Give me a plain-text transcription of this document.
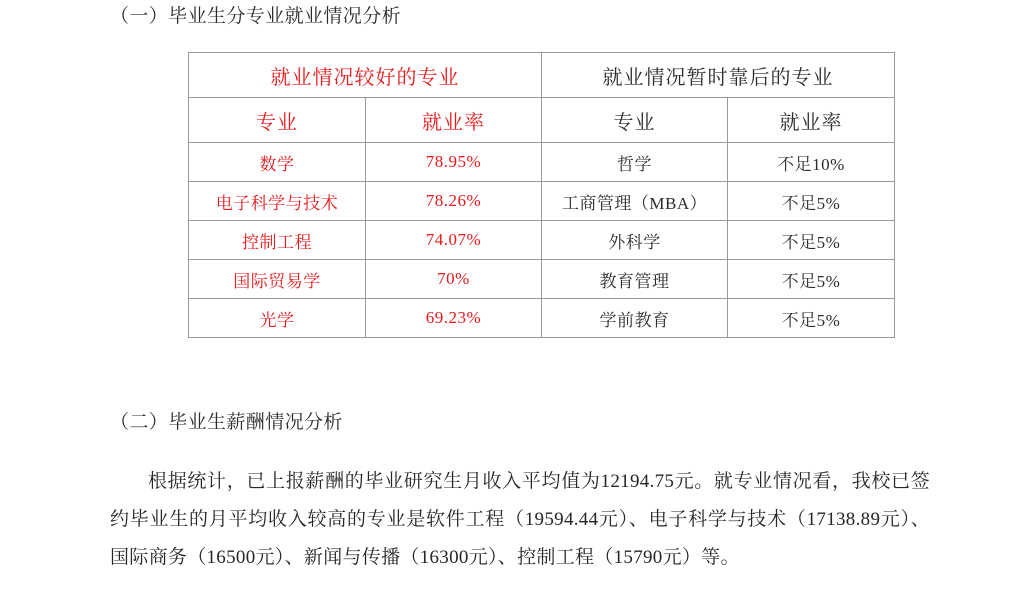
（一）毕业生分专业就业情况分析
就业情况较好的专业		就业情况暂时靠后的专业	
专业	就业率	专业	就业率
数学	78.95%	哲学	不足10%
电子科学与技术	78.26%	工商管理（MBA）	不足5%
控制工程	74.07%	外科学	不足5%
国际贸易学	70%	教育管理	不足5%
光学	69.23%	学前教育	不足5%
（二）毕业生薪酬情况分析
根据统计，已上报薪酬的毕业研究生月收入平均值为12194.75元。就专业情况看，我校已签约毕业生的月平均收入较高的专业是软件工程（19594.44元）、电子科学与技术（17138.89元）、国际商务（16500元）、新闻与传播（16300元）、控制工程（15790元）等。
